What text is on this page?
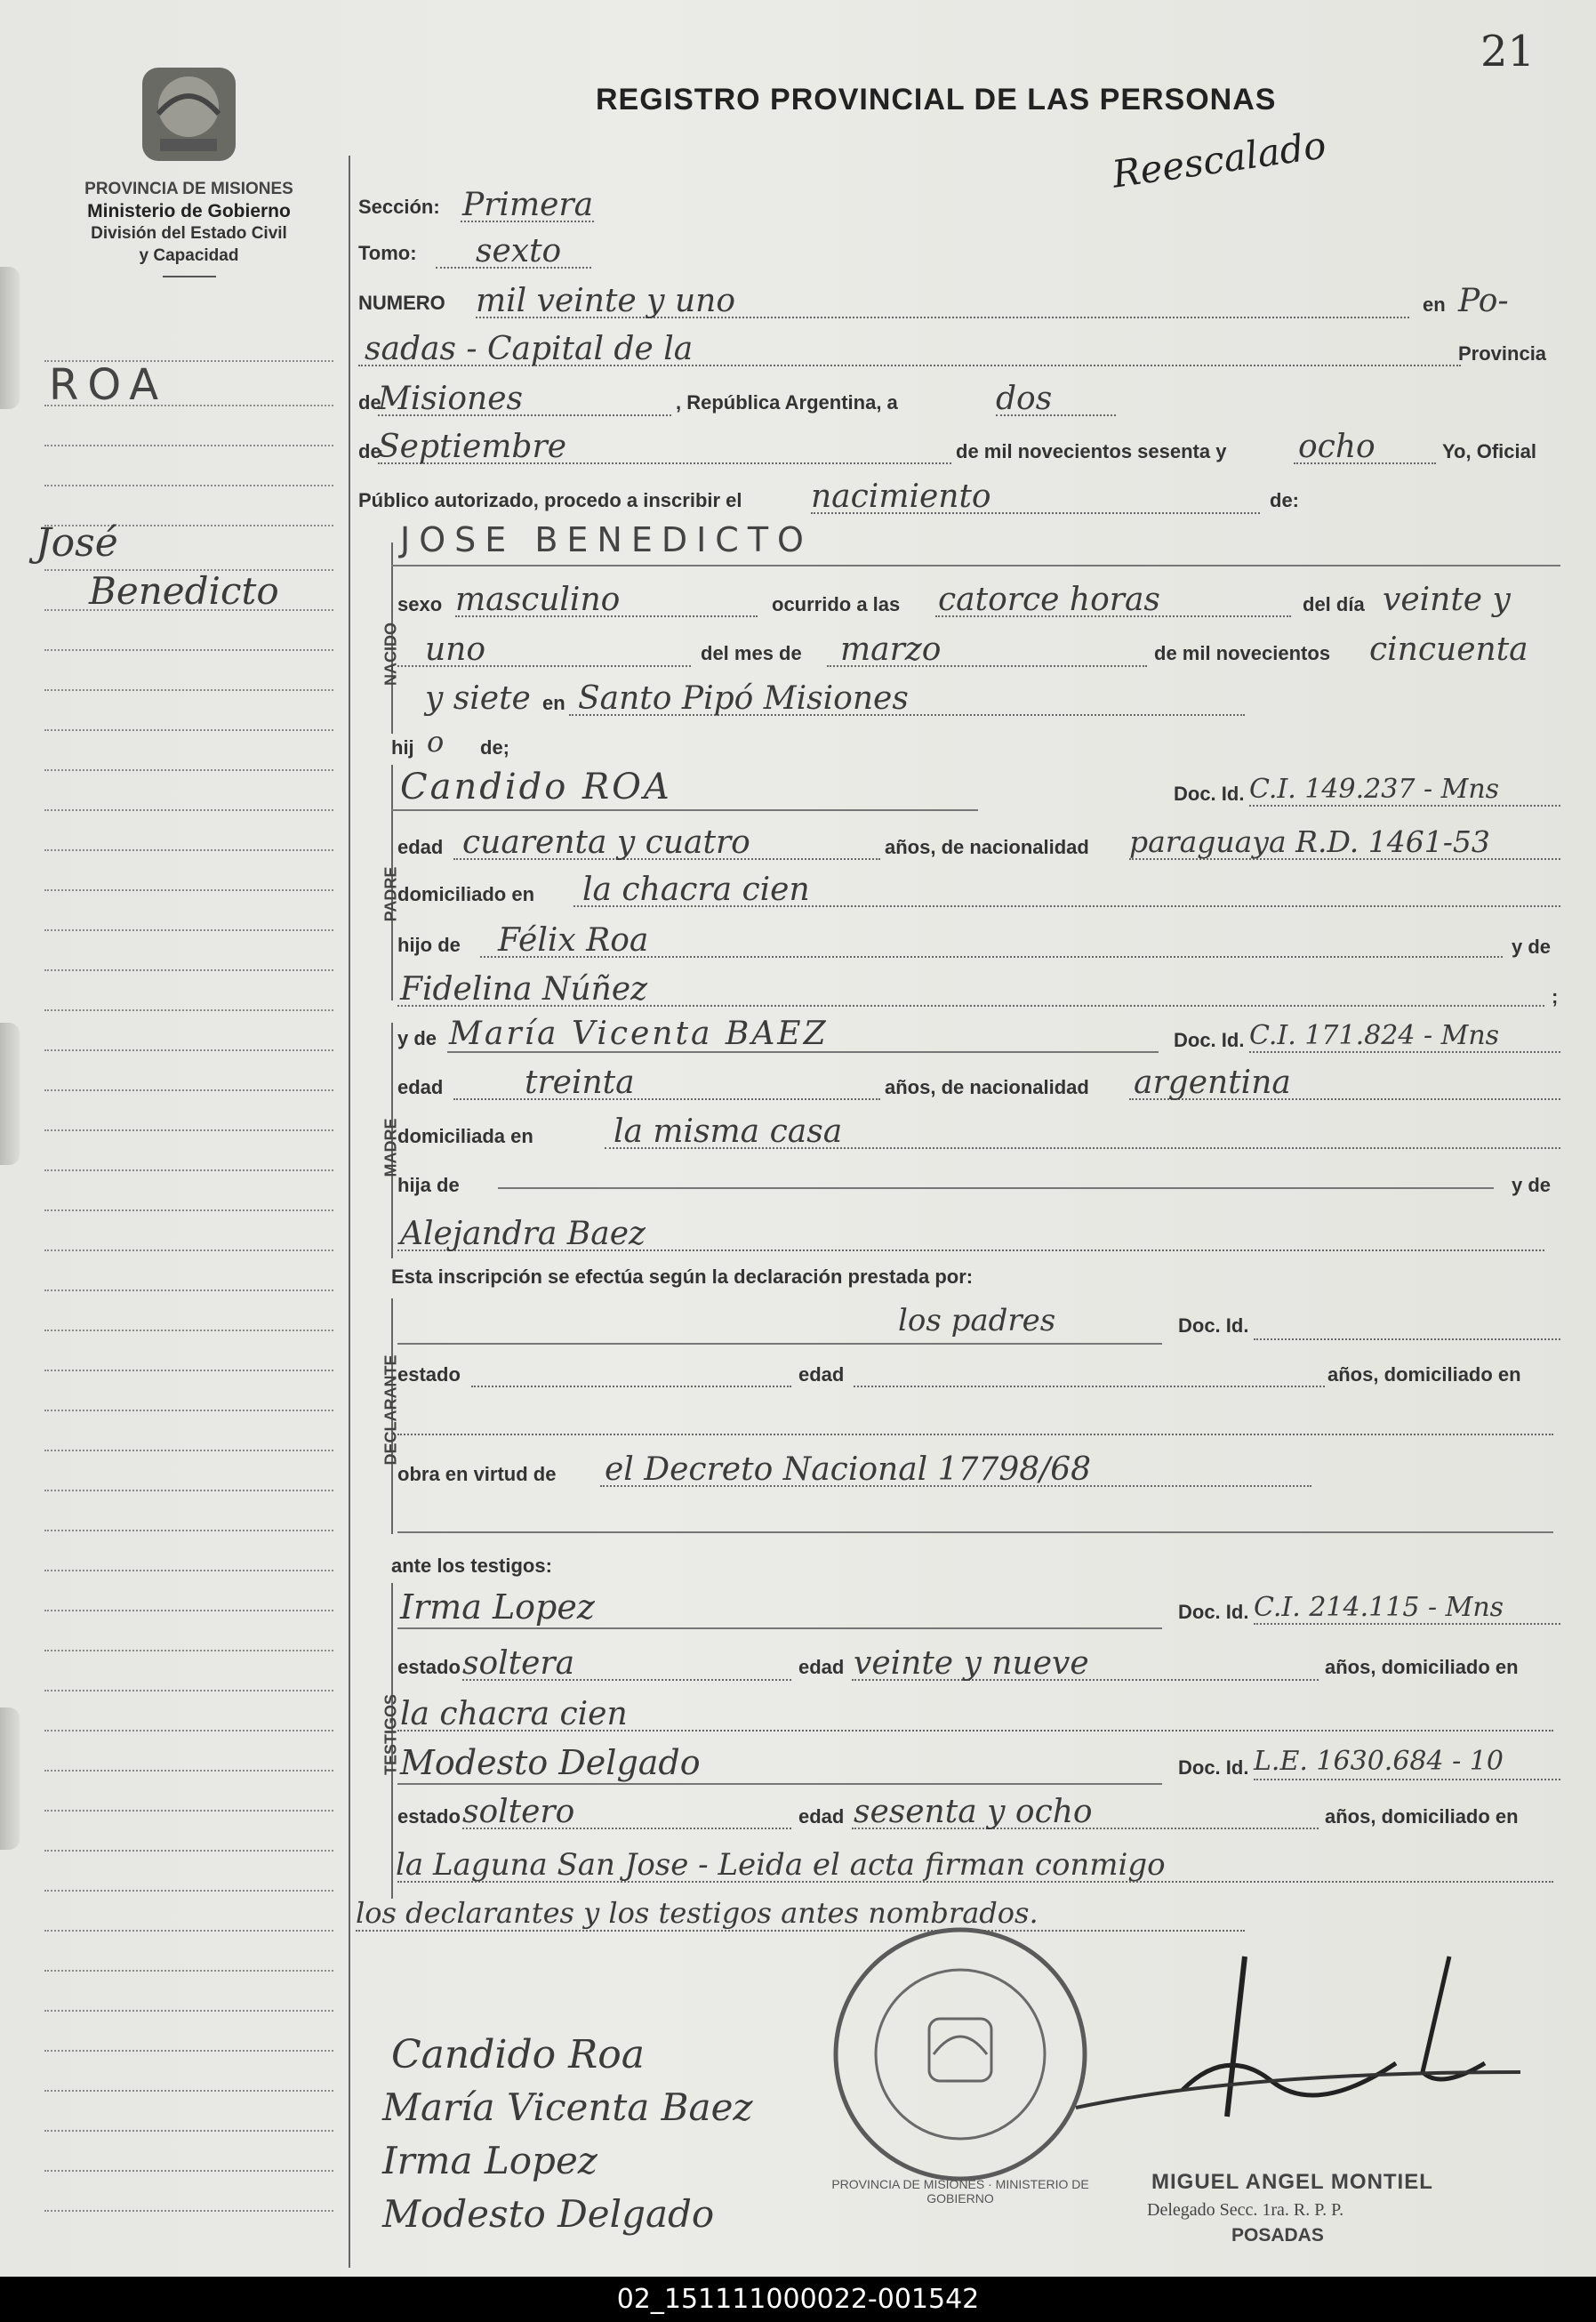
21
PROVINCIA DE MISIONES
Ministerio de Gobierno
División del Estado Civil
y Capacidad
ROA
José
Benedicto
REGISTRO PROVINCIAL DE LAS PERSONAS
Reescalado
Sección: Primera
Tomo: sexto
NUMERO mil veinte y uno	en Po-
sadas - Capital de la	Provincia
de
Misiones	, República Argentina, a	dos
de
Septiembre	de mil novecientos sesenta y ocho	Yo, Oficial
Público autorizado, procedo a inscribir el nacimiento	de:
NACIDO
JOSE BENEDICTO
sexo masculino	ocurrido a las catorce horas	del día veinte y
uno	del mes de marzo	de mil novecientos cincuenta
y siete en Santo Pipó Misiones
hij o de;
PADRE
Candido ROA	Doc. Id. C.I. 149.237 - Mns
edad cuarenta y cuatro	años, de nacionalidad paraguaya R.D. 1461-53
domiciliado en la chacra cien
hijo de Félix Roa	y de
Fidelina Núñez	;
MADRE
y de María Vicenta BAEZ	Doc. Id. C.I. 171.824 - Mns
edad	treinta	años, de nacionalidad argentina
domiciliada en	la misma casa
hija de	y de
Alejandra Baez
Esta inscripción se efectúa según la declaración prestada por:
DECLARANTE
los padres	Doc. Id.
estado	edad	años, domiciliado en
obra en virtud de el Decreto Nacional 17798/68
ante los testigos:
TESTIGOS
Irma Lopez	Doc. Id. C.I. 214.115 - Mns
estado soltera	edad veinte y nueve	años, domiciliado en
la chacra cien
Modesto Delgado	Doc. Id. L.E. 1630.684 - 10
estado soltero	edad sesenta y ocho	años, domiciliado en
la Laguna San Jose - Leida el acta firman conmigo
los declarantes y los testigos antes nombrados.
PROVINCIA DE MISIONES · MINISTERIO DE GOBIERNO
Candido Roa
María Vicenta Baez
Irma Lopez
Modesto Delgado
MIGUEL ANGEL MONTIEL
Delegado Secc. 1ra. R. P. P.
POSADAS
02_151111000022-001542
